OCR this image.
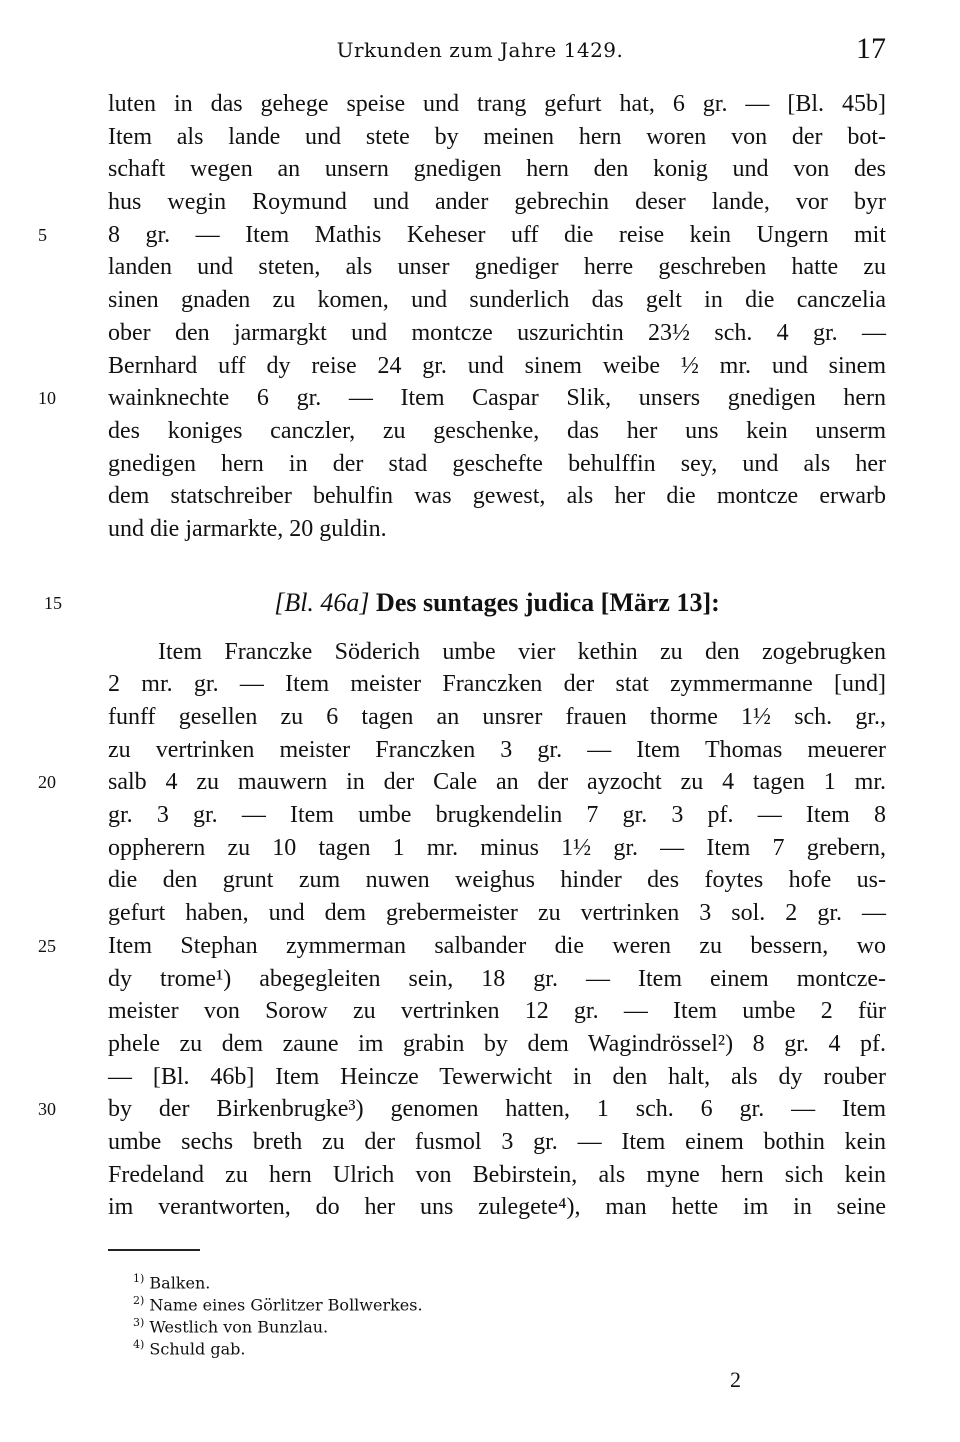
Urkunden zum Jahre 1429.	17
luten in das gehege speise und trang gefurt hat, 6 gr. — [Bl. 45b]
Item als lande und stete by meinen hern woren von der bot-
schaft wegen an unsern gnedigen hern den konig und von des
hus wegin Roymund und ander gebrechin deser lande, vor byr
5	8 gr. — Item Mathis Keheser uff die reise kein Ungern mit
landen und steten, als unser gnediger herre geschreben hatte zu
sinen gnaden zu komen, und sunderlich das gelt in die canczelia
ober den jarmargkt und montcze uszurichtin 23½ sch. 4 gr. —
Bernhard uff dy reise 24 gr. und sinem weibe ½ mr. und sinem
10	wainknechte 6 gr. — Item Caspar Slik, unsers gnedigen hern
des koniges canczler, zu geschenke, das her uns kein unserm
gnedigen hern in der stad geschefte behulffin sey, und als her
dem statschreiber behulfin was gewest, als her die montcze erwarb
und die jarmarkte, 20 guldin.
15	[Bl. 46a] Des suntages judica [März 13]:
Item Franczke Söderich umbe vier kethin zu den zogebrugken
2 mr. gr. — Item meister Franczken der stat zymmermanne [und]
funff gesellen zu 6 tagen an unsrer frauen thorme 1½ sch. gr.,
zu vertrinken meister Franczken 3 gr. — Item Thomas meuerer
20	salb 4 zu mauwern in der Cale an der ayzocht zu 4 tagen 1 mr.
gr. 3 gr. — Item umbe brugkendelin 7 gr. 3 pf. — Item 8
oppherern zu 10 tagen 1 mr. minus 1½ gr. — Item 7 grebern,
die den grunt zum nuwen weighus hinder des foytes hofe us-
gefurt haben, und dem grebermeister zu vertrinken 3 sol. 2 gr. —
25	Item Stephan zymmerman salbander die weren zu bessern, wo
dy trome¹) abegegleiten sein, 18 gr. — Item einem montcze-
meister von Sorow zu vertrinken 12 gr. — Item umbe 2 für
phele zu dem zaune im grabin by dem Wagindrössel²) 8 gr. 4 pf.
— [Bl. 46b] Item Heincze Tewerwicht in den halt, als dy rouber
30	by der Birkenbrugke³) genomen hatten, 1 sch. 6 gr. — Item
umbe sechs breth zu der fusmol 3 gr. — Item einem bothin kein
Fredeland zu hern Ulrich von Bebirstein, als myne hern sich kein
im verantworten, do her uns zulegete⁴), man hette im in seine
$^{1)}$ Balken.
$^{2)}$ Name eines Görlitzer Bollwerkes.
$^{3)}$ Westlich von Bunzlau.
$^{4)}$ Schuld gab.
2
